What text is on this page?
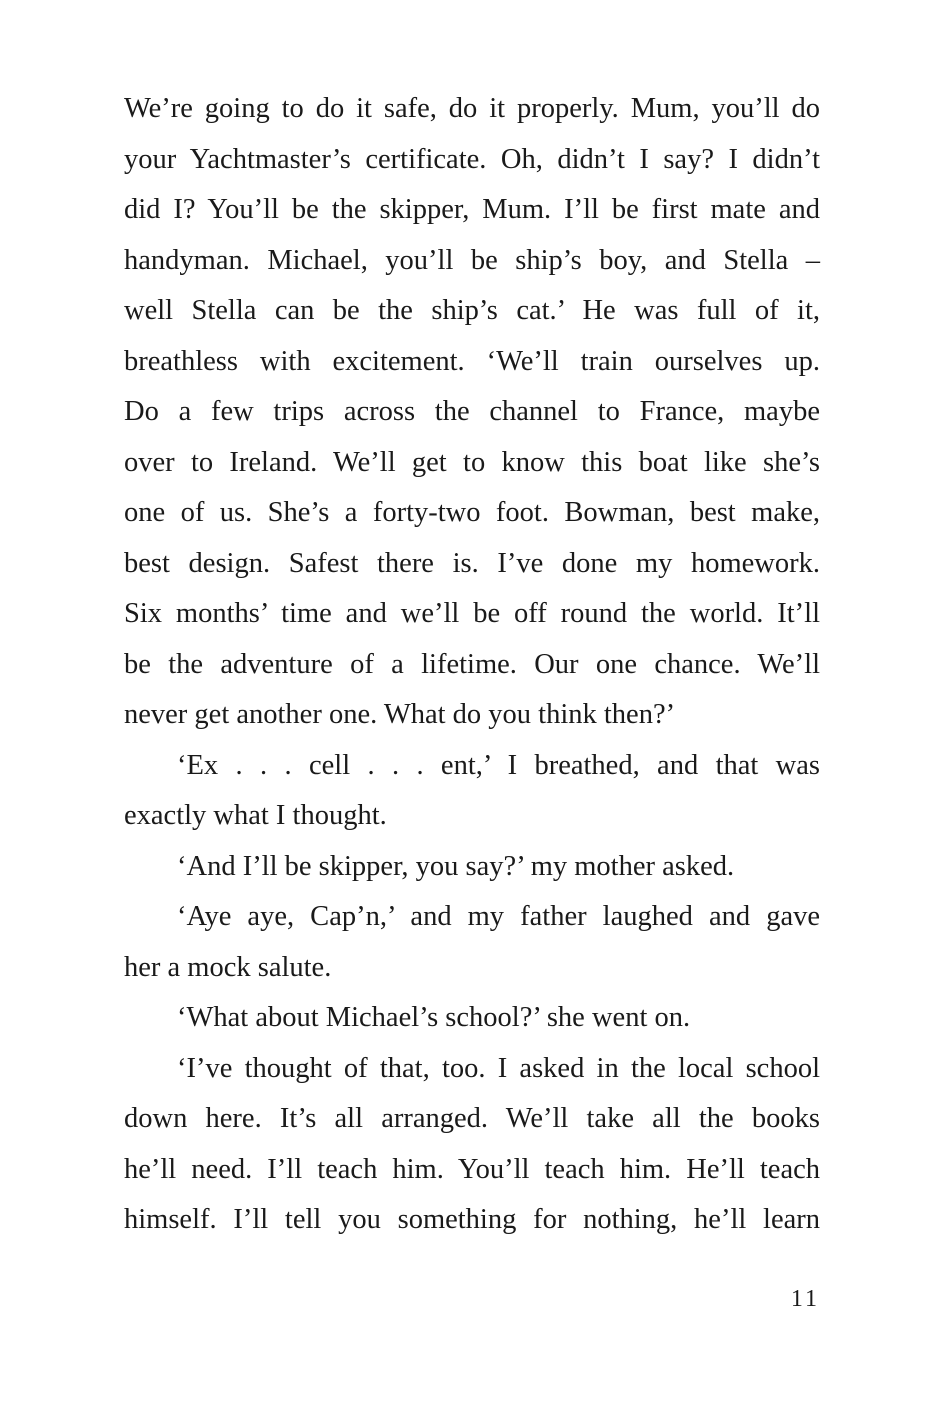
We’re going to do it safe, do it properly. Mum, you’ll do
your Yachtmaster’s certificate. Oh, didn’t I say? I didn’t
did I? You’ll be the skipper, Mum. I’ll be first mate and
handyman. Michael, you’ll be ship’s boy, and Stella –
well Stella can be the ship’s cat.’ He was full of it,
breathless with excitement. ‘We’ll train ourselves up.
Do a few trips across the channel to France, maybe
over to Ireland. We’ll get to know this boat like she’s
one of us. She’s a forty-two foot. Bowman, best make,
best design. Safest there is. I’ve done my homework.
Six months’ time and we’ll be off round the world. It’ll
be the adventure of a lifetime. Our one chance. We’ll
never get another one. What do you think then?’
‘Ex . . . cell . . . ent,’ I breathed, and that was
exactly what I thought.
‘And I’ll be skipper, you say?’ my mother asked.
‘Aye aye, Cap’n,’ and my father laughed and gave
her a mock salute.
‘What about Michael’s school?’ she went on.
‘I’ve thought of that, too. I asked in the local school
down here. It’s all arranged. We’ll take all the books
he’ll need. I’ll teach him. You’ll teach him. He’ll teach
himself. I’ll tell you something for nothing, he’ll learn
11
